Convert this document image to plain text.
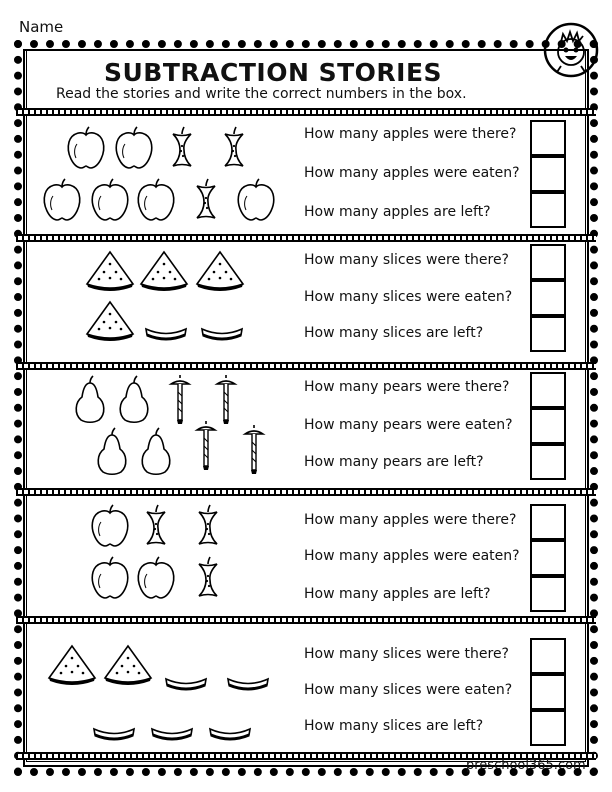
Name
SUBTRACTION STORIES
Read the stories and write the correct numbers in the box.
How many apples were there?
How many apples were eaten?
How many apples are left?
How many slices were there?
How many slices were eaten?
How many slices are left?
How many pears were there?
How many pears were eaten?
How many pears are left?
How many apples were there?
How many apples were eaten?
How many apples are left?
How many slices were there?
How many slices were eaten?
How many slices are left?
preschool365.com
